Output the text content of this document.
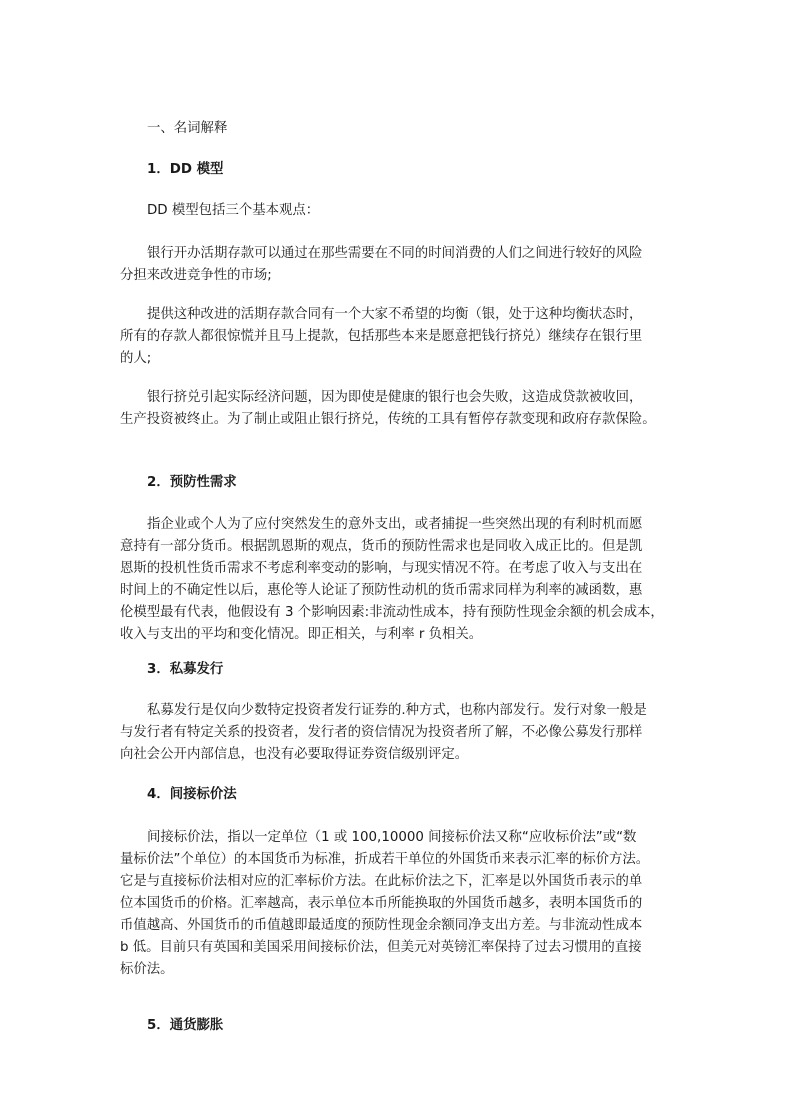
一、名词解释

1．DD 模型

DD 模型包括三个基本观点：

银行开办活期存款可以通过在那些需要在不同的时间消费的人们之间进行较好的风险
分担来改进竞争性的市场;
提供这种改进的活期存款合同有一个大家不希望的均衡（银，处于这种均衡状态时，
所有的存款人都很惊慌并且马上提款，包括那些本来是愿意把钱行挤兑）继续存在银行里
的人;
银行挤兑引起实际经济问题，因为即使是健康的银行也会失败，这造成贷款被收回，
生产投资被终止。为了制止或阻止银行挤兑，传统的工具有暂停存款变现和政府存款保险。

2．预防性需求

指企业或个人为了应付突然发生的意外支出，或者捕捉一些突然出现的有利时机而愿
意持有一部分货币。根据凯恩斯的观点，货币的预防性需求也是同收入成正比的。但是凯
恩斯的投机性货币需求不考虑利率变动的影响，与现实情况不符。在考虑了收入与支出在
时间上的不确定性以后，惠伦等人论证了预防性动机的货币需求同样为利率的减函数，惠
伦模型最有代表，他假设有 3 个影响因素:非流动性成本，持有预防性现金余额的机会成本，
收入与支出的平均和变化情况。即正相关，与利率 r 负相关。

3．私募发行

私募发行是仅向少数特定投资者发行证券的.种方式，也称内部发行。发行对象一般是
与发行者有特定关系的投资者，发行者的资信情况为投资者所了解，不必像公募发行那样
向社会公开内部信息，也没有必要取得证券资信级别评定。

4．间接标价法

间接标价法，指以一定单位（1 或 100,10000 间接标价法又称“应收标价法”或“数
量标价法”个单位）的本国货币为标准，折成若干单位的外国货币来表示汇率的标价方法。
它是与直接标价法相对应的汇率标价方法。在此标价法之下，汇率是以外国货币表示的单
位本国货币的价格。汇率越高，表示单位本币所能换取的外国货币越多，表明本国货币的
币值越高、外国货币的币值越即最适度的预防性现金余额同净支出方差。与非流动性成本
b 低。目前只有英国和美国采用间接标价法，但美元对英镑汇率保持了过去习惯用的直接
标价法。

5．通货膨胀
